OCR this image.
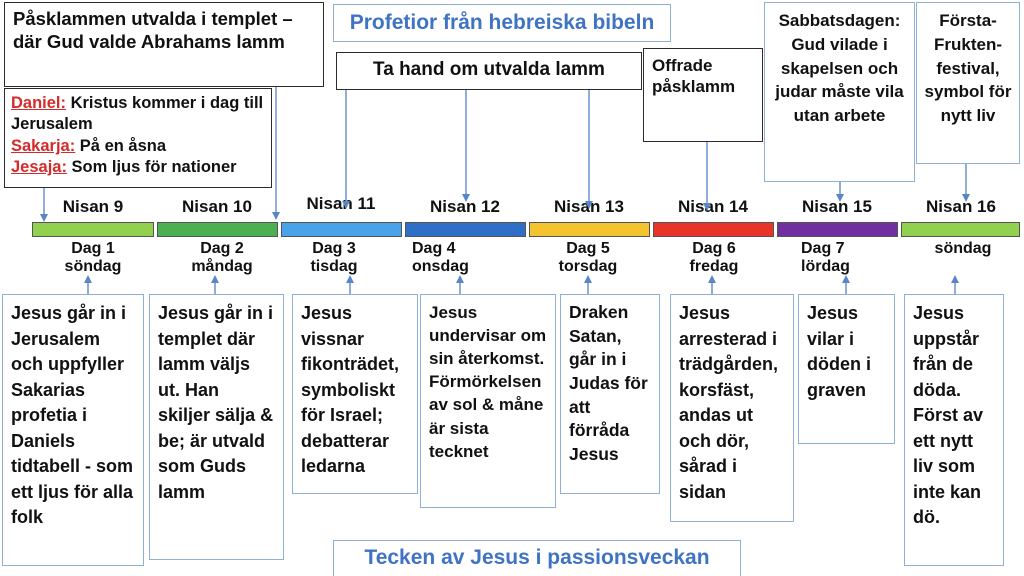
Profetior från hebreiska bibeln
Påsklammen utvalda i templet – där Gud valde Abrahams lamm
Daniel: Kristus kommer i dag till Jerusalem
Sakarja: På en åsna
Jesaja: Som ljus för nationer
Ta hand om utvalda lamm	Offrade påsklamm
Sabbatsdagen: Gud vilade i skapelsen och judar måste vila utan arbete
Första-Frukten-festival, symbol för nytt liv
Nisan 9	Nisan 10	Nisan 11	Nisan 12	Nisan 13	Nisan 14	Nisan 15	Nisan 16
Dag 1
söndag
Dag 2
måndag
Dag 3
tisdag
Dag 4
onsdag
Dag 5
torsdag
Dag 6
fredag
Dag 7
lördag
söndag
Jesus går in i Jerusalem och uppfyller Sakarias profetia i Daniels tidtabell - som ett ljus för alla folk
Jesus går in i templet där lamm väljs ut. Han skiljer sälja & be; är utvald som Guds lamm
Jesus vissnar fikonträdet, symboliskt för Israel; debatterar ledarna
Jesus undervisar om sin återkomst. Förmörkelsen av sol & måne är sista tecknet
Draken Satan, går in i Judas för att förråda Jesus
Jesus arresterad i trädgården, korsfäst, andas ut och dör, sårad i sidan
Jesus vilar i döden i graven
Jesus uppstår från de döda. Först av ett nytt liv som inte kan dö.
Tecken av Jesus i passionsveckan
